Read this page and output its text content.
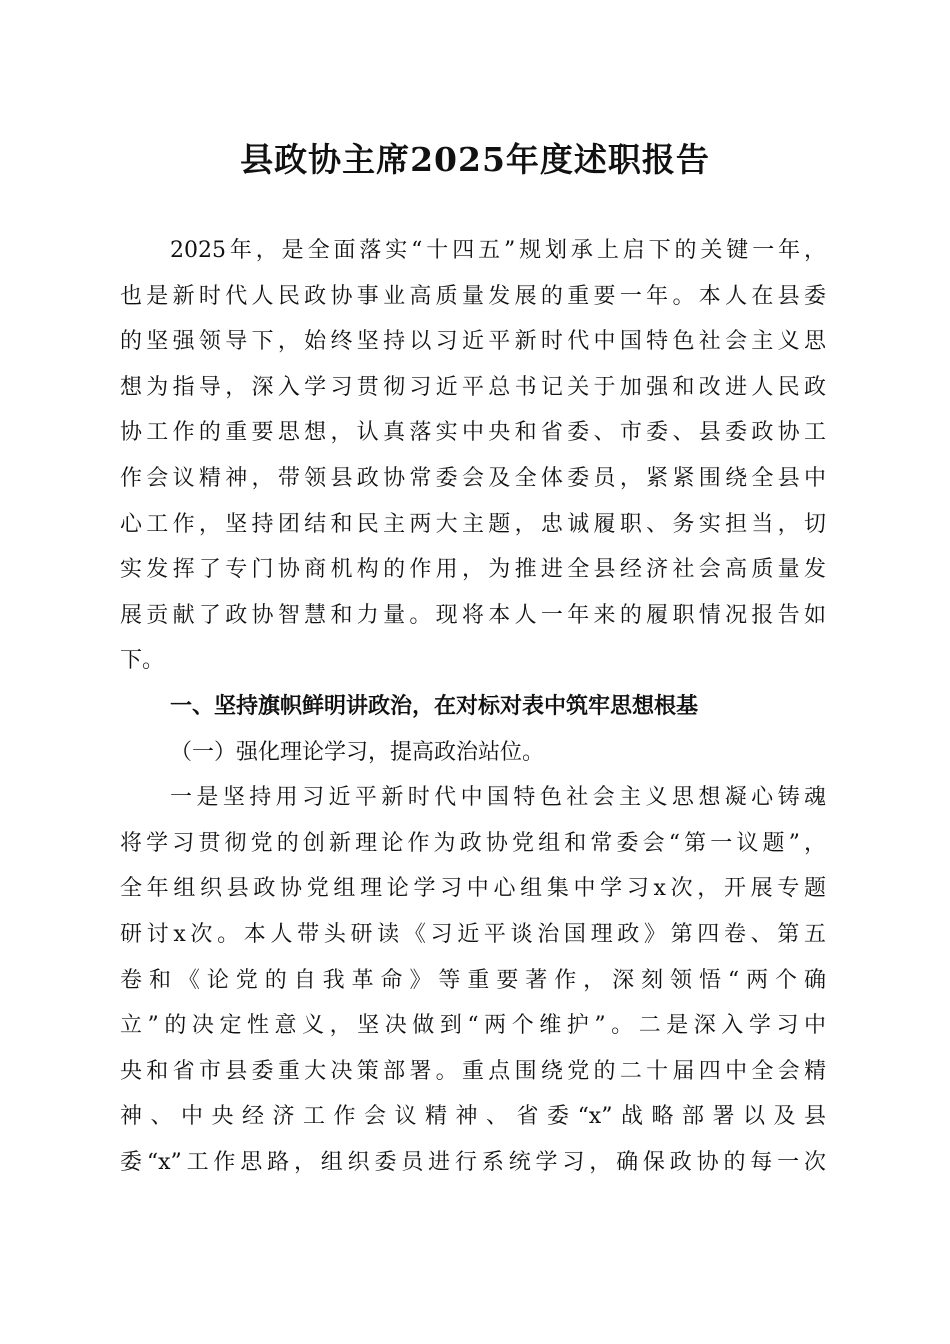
县政协主席2025年度述职报告
2025年，是全面落实“十四五”规划承上启下的关键一年，
也是新时代人民政协事业高质量发展的重要一年。本人在县委
的坚强领导下，始终坚持以习近平新时代中国特色社会主义思
想为指导，深入学习贯彻习近平总书记关于加强和改进人民政
协工作的重要思想，认真落实中央和省委、市委、县委政协工
作会议精神，带领县政协常委会及全体委员，紧紧围绕全县中
心工作，坚持团结和民主两大主题，忠诚履职、务实担当，切
实发挥了专门协商机构的作用，为推进全县经济社会高质量发
展贡献了政协智慧和力量。现将本人一年来的履职情况报告如
下。
一、坚持旗帜鲜明讲政治，在对标对表中筑牢思想根基
（一）强化理论学习，提高政治站位。
一是坚持用习近平新时代中国特色社会主义思想凝心铸魂
将学习贯彻党的创新理论作为政协党组和常委会“第一议题”，
全年组织县政协党组理论学习中心组集中学习x次，开展专题
研讨x次。本人带头研读《习近平谈治国理政》第四卷、第五
卷和《论党的自我革命》等重要著作，深刻领悟“两个确
立”的决定性意义，坚决做到“两个维护”。二是深入学习中
央和省市县委重大决策部署。重点围绕党的二十届四中全会精
神、中央经济工作会议精神、省委“x”战略部署以及县
委“x”工作思路，组织委员进行系统学习，确保政协的每一次
